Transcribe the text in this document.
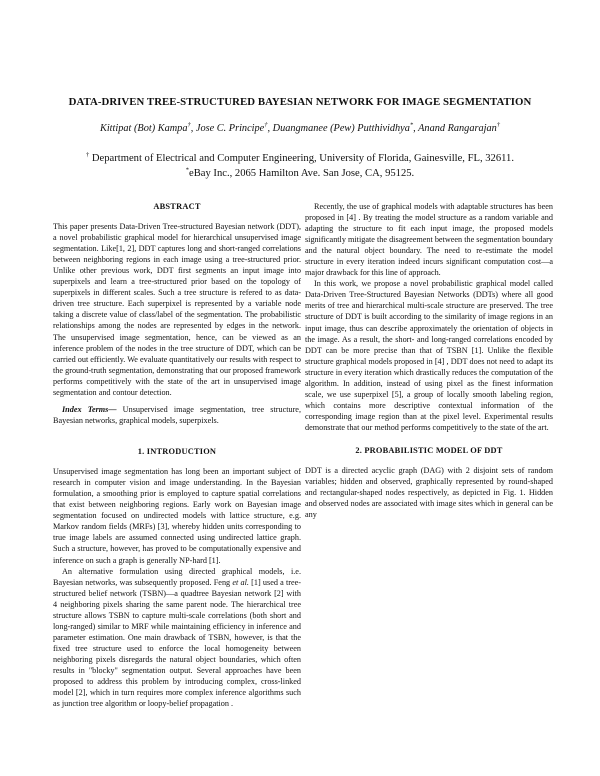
DATA-DRIVEN TREE-STRUCTURED BAYESIAN NETWORK FOR IMAGE SEGMENTATION
Kittipat (Bot) Kampa†, Jose C. Principe†, Duangmanee (Pew) Putthividhya*, Anand Rangarajan†
† Department of Electrical and Computer Engineering, University of Florida, Gainesville, FL, 32611.
*eBay Inc., 2065 Hamilton Ave. San Jose, CA, 95125.
ABSTRACT

This paper presents Data-Driven Tree-structured Bayesian network (DDT), a novel probabilistic graphical model for hierarchical unsupervised image segmentation. Like[1, 2], DDT captures long and short-ranged correlations between neighboring regions in each image using a tree-structured prior. Unlike other previous work, DDT first segments an input image into superpixels and learn a tree-structured prior based on the topology of superpixels in different scales. Such a tree structure is refered to as data-driven tree structure. Each superpixel is represented by a variable node taking a discrete value of class/label of the segmentation. The probabilistic relationships among the nodes are represented by edges in the network. The unsupervised image segmentation, hence, can be viewed as an inference problem of the nodes in the tree structure of DDT, which can be carried out efficiently. We evaluate quantitatively our results with respect to the ground-truth segmentation, demonstrating that our proposed framework performs competitively with the state of the art in unsupervised image segmentation and contour detection.

Index Terms— Unsupervised image segmentation, tree structure, Bayesian networks, graphical models, superpixels.

1. INTRODUCTION

Unsupervised image segmentation has long been an important subject of research in computer vision and image understanding. In the Bayesian formulation, a smoothing prior is employed to capture spatial correlations that exist between neighboring regions. Early work on Bayesian image segmentation focused on undirected models with lattice structure, e.g. Markov random fields (MRFs) [3], whereby hidden units corresponding to true image labels are assumed connected using undirected lattice graph. Such a structure, however, has proved to be computationally expensive and inference on such a graph is generally NP-hard [1].

An alternative formulation using directed graphical models, i.e. Bayesian networks, was subsequently proposed. Feng et al. [1] used a tree-structured belief network (TSBN)—a quadtree Bayesian network [2] with 4 neighboring pixels sharing the same parent node. The hierarchical tree structure allows TSBN to capture multi-scale correlations (both short and long-ranged) similar to MRF while maintaining efficiency in inference and parameter estimation. One main drawback of TSBN, however, is that the fixed tree structure used to enforce the local homogeneity between neighboring pixels disregards the natural object boundaries, which often results in "blocky" segmentation output. Several approaches have been proposed to address this problem by introducing complex, cross-linked model [2], which in turn requires more complex inference algorithms such as junction tree algorithm or loopy-belief propagation .

Recently, the use of graphical models with adaptable structures has been proposed in [4] . By treating the model structure as a random variable and adapting the structure to fit each input image, the proposed models significantly mitigate the disagreement between the segmentation boundary and the natural object boundary. The need to re-estimate the model structure in every iteration indeed incurs significant computation cost—a major drawback for this line of approach.

In this work, we propose a novel probabilistic graphical model called Data-Driven Tree-Structured Bayesian Networks (DDTs) where all good merits of tree and hierarchical multi-scale structure are preserved. The tree structure of DDT is built according to the similarity of image regions in an input image, thus can describe approximately the orientation of objects in the image. As a result, the short- and long-ranged correlations encoded by DDT can be more precise than that of TSBN [1]. Unlike the flexible structure graphical models proposed in [4] , DDT does not need to adapt its structure in every iteration which drastically reduces the computation of the algorithm. In addition, instead of using pixel as the finest information scale, we use superpixel [5], a group of locally smooth labeling region, which contains more descriptive contextual information of the corresponding image region than at the pixel level. Experimental results demonstrate that our method performs competitively to the state of the art.

2. PROBABILISTIC MODEL OF DDT

DDT is a directed acyclic graph (DAG) with 2 disjoint sets of random variables; hidden and observed, graphically represented by round-shaped and rectangular-shaped nodes respectively, as depicted in Fig. 1. Hidden and observed nodes are associated with image sites which in general can be any
